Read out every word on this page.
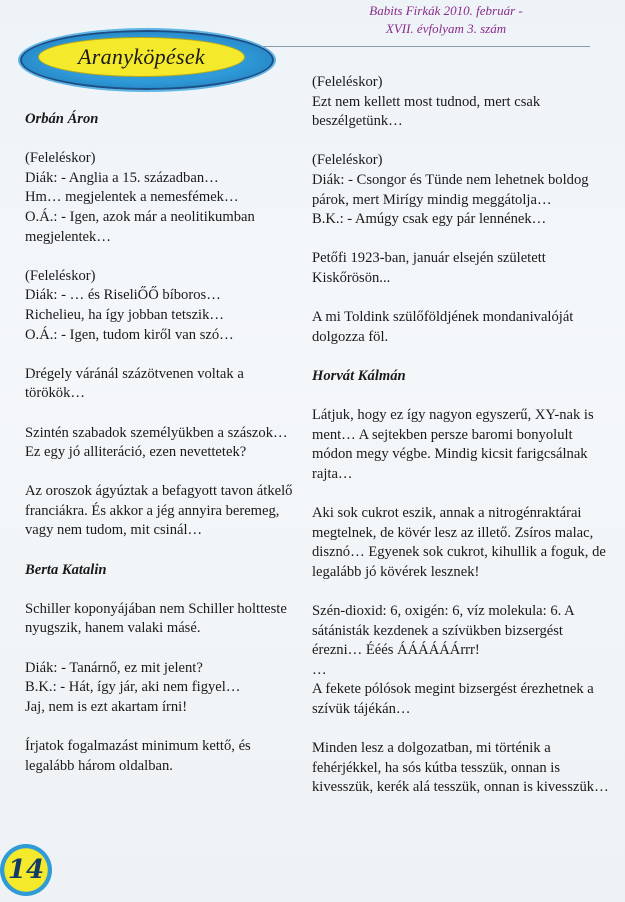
Babits Firkák 2010. február -
XVII. évfolyam 3. szám
Aranyköpések
Orbán Áron
(Feleléskor)
Diák: - Anglia a 15. században…
Hm… megjelentek a nemesfémek…
O.Á.: - Igen, azok már a neolitikumban megjelentek…
(Feleléskor)
Diák: - … és RiseliŐŐ bíboros…
Richelieu, ha így jobban tetszik…
O.Á.: - Igen, tudom kiről van szó…
Drégely váránál százötvenen voltak a törökök…
Szintén szabadok személyükben a szászok… Ez egy jó alliteráció, ezen nevettetek?
Az oroszok ágyúztak a befagyott tavon átkelő franciákra. És akkor a jég annyira beremeg, vagy nem tudom, mit csinál…
Berta Katalin
Schiller koponyájában nem Schiller holtteste nyugszik, hanem valaki másé.
Diák: - Tanárnő, ez mit jelent?
B.K.: - Hát, így jár, aki nem figyel…
Jaj, nem is ezt akartam írni!
Írjatok fogalmazást minimum kettő, és legalább három oldalban.
(Feleléskor)
Ezt nem kellett most tudnod, mert csak beszélgetünk…
(Feleléskor)
Diák: - Csongor és Tünde nem lehetnek boldog párok, mert Mirígy mindig meggátolja…
B.K.: - Amúgy csak egy pár lennének…
Petőfi 1923-ban, január elsején született Kiskőrösön...
A mi Toldink szülőföldjének mondanivalóját dolgozza föl.
Horvát Kálmán
Látjuk, hogy ez így nagyon egyszerű, XY-nak is ment… A sejtekben persze baromi bonyolult módon megy végbe. Mindig kicsit farigcsálnak rajta…
Aki sok cukrot eszik, annak a nitrogénraktárai megtelnek, de kövér lesz az illető. Zsíros malac, disznó… Egyenek sok cukrot, kihullik a foguk, de legalább jó kövérek lesznek!
Szén-dioxid: 6, oxigén: 6, víz molekula: 6. A sátánisták kezdenek a szívükben bizsergést érezni… Ééés ÁÁÁÁÁÁrrr!
…
A fekete pólósok megint bizsergést érezhetnek a szívük tájékán…
Minden lesz a dolgozatban, mi történik a fehérjékkel, ha sós kútba tesszük, onnan is kivesszük, kerék alá tesszük, onnan is kivesszük…
14
